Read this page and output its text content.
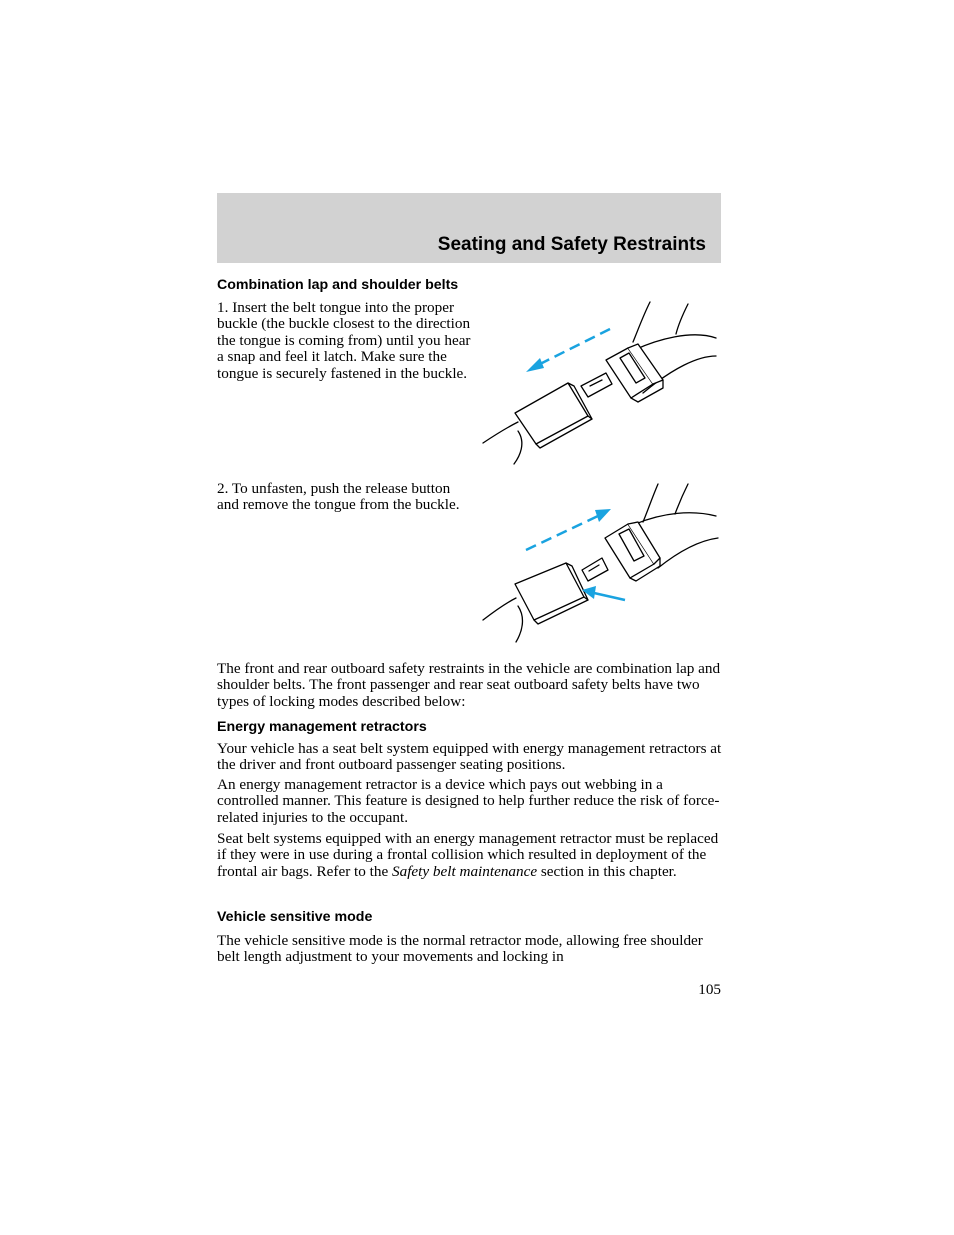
Seating and Safety Restraints
Combination lap and shoulder belts

1. Insert the belt tongue into the proper buckle (the buckle closest to the direction the tongue is coming from) until you hear a snap and feel it latch. Make sure the tongue is securely fastened in the buckle.

2. To unfasten, push the release button and remove the tongue from the buckle.

The front and rear outboard safety restraints in the vehicle are combination lap and shoulder belts. The front passenger and rear seat outboard safety belts have two types of locking modes described below:

Energy management retractors

Your vehicle has a seat belt system equipped with energy management retractors at the driver and front outboard passenger seating positions.

An energy management retractor is a device which pays out webbing in a controlled manner. This feature is designed to help further reduce the risk of force-related injuries to the occupant.

Seat belt systems equipped with an energy management retractor must be replaced if they were in use during a frontal collision which resulted in deployment of the frontal air bags. Refer to the Safety belt maintenance section in this chapter.

Vehicle sensitive mode

The vehicle sensitive mode is the normal retractor mode, allowing free shoulder belt length adjustment to your movements and locking in

105
